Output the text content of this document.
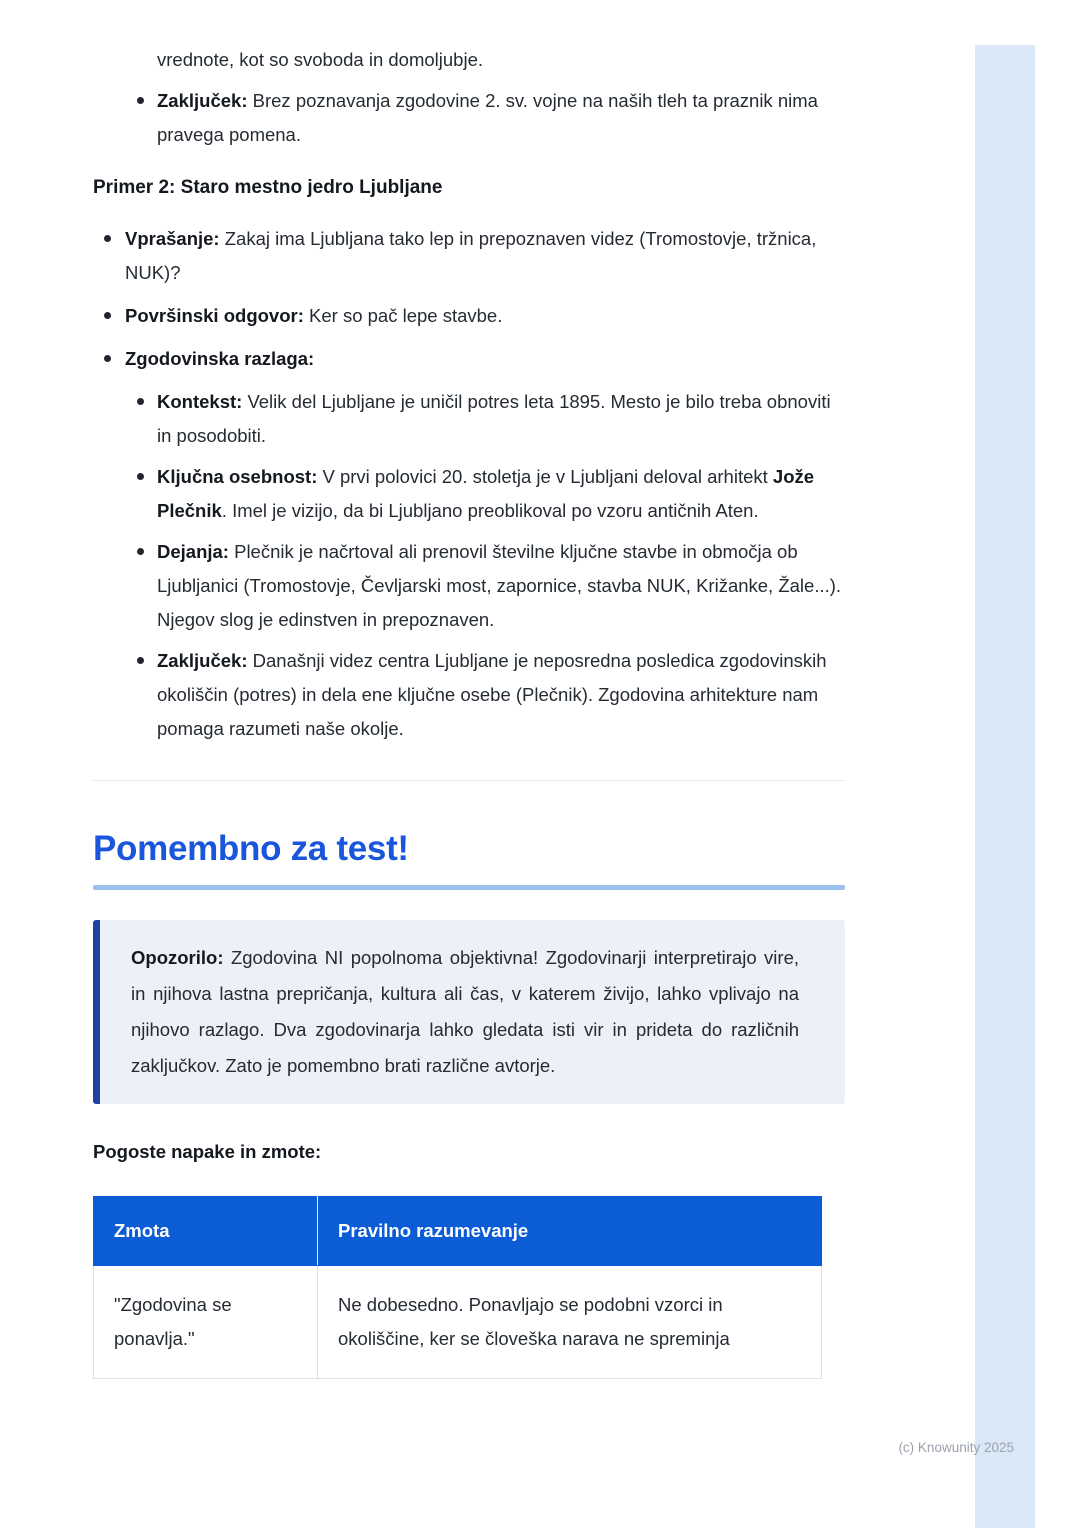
(c) Knowunity 2025
vrednote, kot so svoboda in domoljubje.
Zaključek: Brez poznavanja zgodovine 2. sv. vojne na naših tleh ta praznik nima pravega pomena.
Primer 2: Staro mestno jedro Ljubljane
Vprašanje: Zakaj ima Ljubljana tako lep in prepoznaven videz (Tromostovje, tržnica, NUK)?
Površinski odgovor: Ker so pač lepe stavbe.
Zgodovinska razlaga:
Kontekst: Velik del Ljubljane je uničil potres leta 1895. Mesto je bilo treba obnoviti in posodobiti.
Ključna osebnost: V prvi polovici 20. stoletja je v Ljubljani deloval arhitekt Jože Plečnik. Imel je vizijo, da bi Ljubljano preoblikoval po vzoru antičnih Aten.
Dejanja: Plečnik je načrtoval ali prenovil številne ključne stavbe in območja ob Ljubljanici (Tromostovje, Čevljarski most, zapornice, stavba NUK, Križanke, Žale...). Njegov slog je edinstven in prepoznaven.
Zaključek: Današnji videz centra Ljubljane je neposredna posledica zgodovinskih okoliščin (potres) in dela ene ključne osebe (Plečnik). Zgodovina arhitekture nam pomaga razumeti naše okolje.
Pomembno za test!
Opozorilo: Zgodovina NI popolnoma objektivna! Zgodovinarji interpretirajo vire, in njihova lastna prepričanja, kultura ali čas, v katerem živijo, lahko vplivajo na njihovo razlago. Dva zgodovinarja lahko gledata isti vir in prideta do različnih zaključkov. Zato je pomembno brati različne avtorje.
Pogoste napake in zmote:
Zmota	Pravilno razumevanje
"Zgodovina se ponavlja."	Ne dobesedno. Ponavljajo se podobni vzorci in okoliščine, ker se človeška narava ne spreminja
